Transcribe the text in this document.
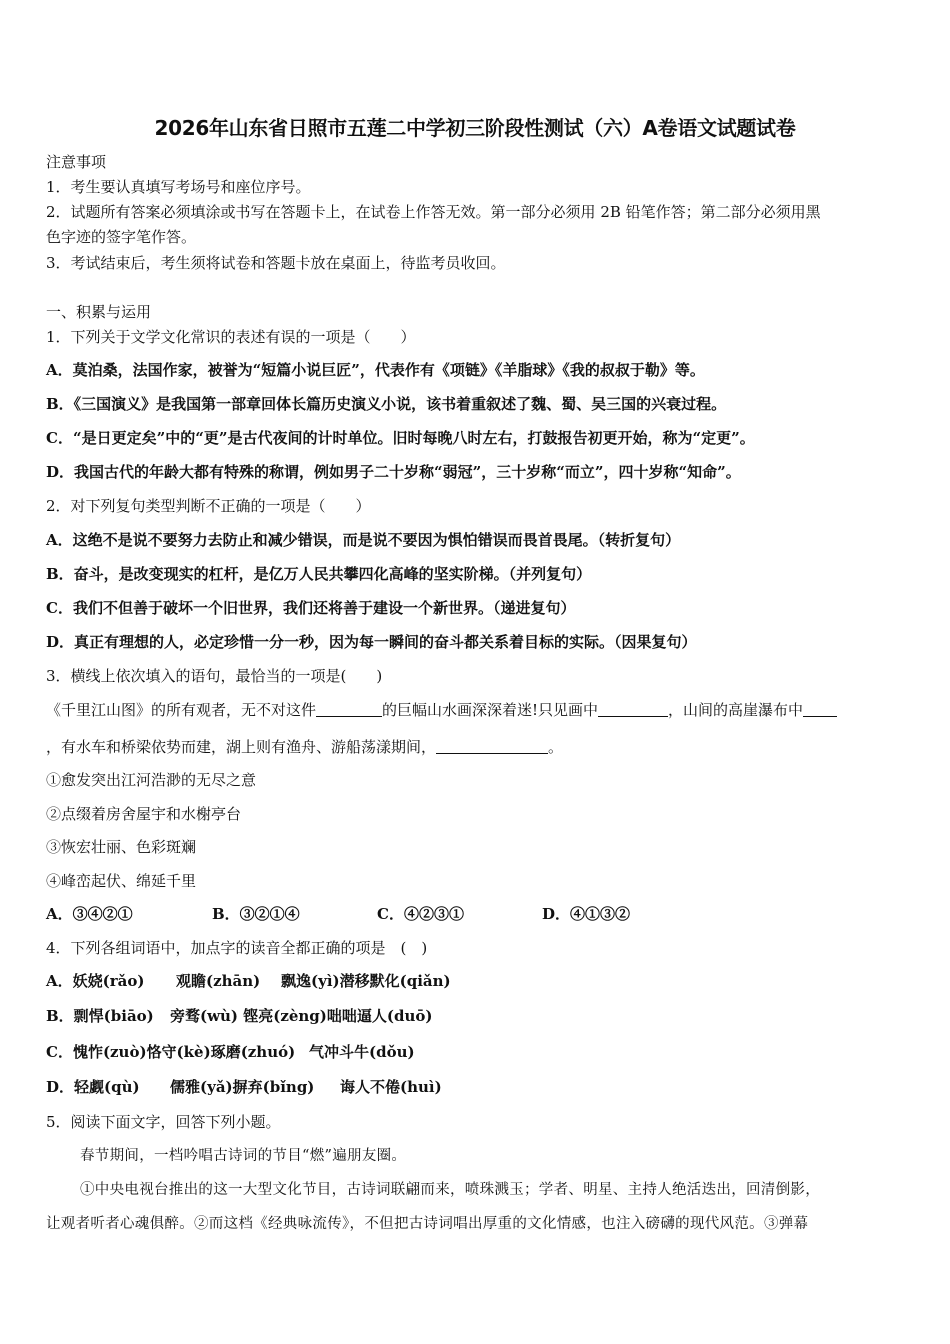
2026年山东省日照市五莲二中学初三阶段性测试（六）A卷语文试题试卷
注意事项
1．考生要认真填写考场号和座位序号。
2．试题所有答案必须填涂或书写在答题卡上，在试卷上作答无效。第一部分必须用 2B 铅笔作答；第二部分必须用黑
色字迹的签字笔作答。
3．考试结束后，考生须将试卷和答题卡放在桌面上，待监考员收回。
一、积累与运用
1．下列关于文学文化常识的表述有误的一项是（　　）
A．莫泊桑，法国作家，被誉为“短篇小说巨匠”，代表作有《项链》《羊脂球》《我的叔叔于勒》等。
B．《三国演义》是我国第一部章回体长篇历史演义小说，该书着重叙述了魏、蜀、吴三国的兴衰过程。
C．“是日更定矣”中的“更”是古代夜间的计时单位。旧时每晚八时左右，打鼓报告初更开始，称为“定更”。
D．我国古代的年龄大都有特殊的称谓，例如男子二十岁称“弱冠”，三十岁称“而立”，四十岁称“知命”。
2．对下列复句类型判断不正确的一项是（　　）
A．这绝不是说不要努力去防止和减少错误，而是说不要因为惧怕错误而畏首畏尾。（转折复句）
B．奋斗，是改变现实的杠杆，是亿万人民共攀四化高峰的坚实阶梯。（并列复句）
C．我们不但善于破坏一个旧世界，我们还将善于建设一个新世界。（递进复句）
D．真正有理想的人，必定珍惜一分一秒，因为每一瞬间的奋斗都关系着目标的实际。（因果复句）
3．横线上依次填入的语句，最恰当的一项是(　　)
《千里江山图》的所有观者，无不对这件	的巨幅山水画深深着迷!只见画中	，山间的高崖瀑布中
，有水车和桥梁依势而建，湖上则有渔舟、游船荡漾期间，	。
①愈发突出江河浩渺的无尽之意
②点缀着房舍屋宇和水榭亭台
③恢宏壮丽、色彩斑斓
④峰峦起伏、绵延千里
A．③④②①	B．③②①④	C．④②③①	D．④①③②
4．下列各组词语中，加点字的读音全都正确的项是　(　)
A．妖娆(rǎo) 观瞻(zhān) 飘逸(yì)潜移默化(qiǎn)
B．剽悍(biāo) 旁骛(wù) 铿亮(zèng)咄咄逼人(duō)
C．愧怍(zuò)恪守(kè)琢磨(zhuó) 气冲斗牛(dǒu)
D．轻觑(qù) 儒雅(yǎ)摒弃(bǐng) 诲人不倦(huì)
5．阅读下面文字，回答下列小题。
春节期间，一档吟唱古诗词的节目“燃”遍朋友圈。
①中央电视台推出的这一大型文化节目，古诗词联翩而来，喷珠溅玉；学者、明星、主持人绝活迭出，回清倒影，
让观者听者心魂俱醉。②而这档《经典咏流传》，不但把古诗词唱出厚重的文化情感，也注入磅礴的现代风范。③弹幕
